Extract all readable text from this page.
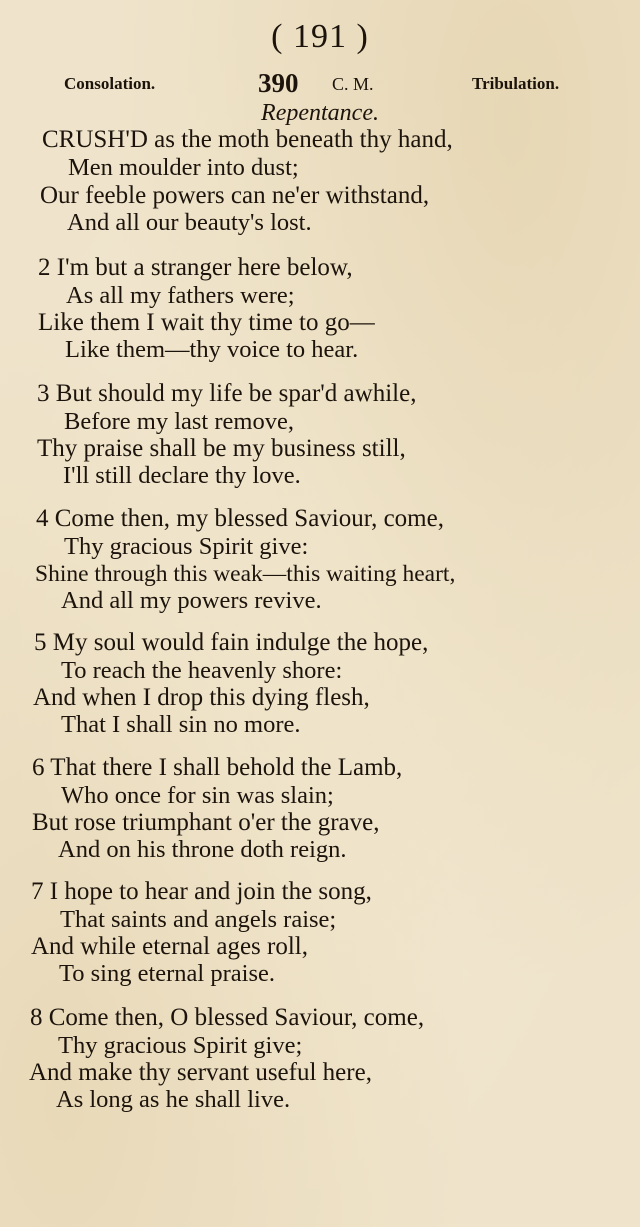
( 191 )
Consolation.	390 C. M.	Tribulation.
Repentance.
CRUSH'D as the moth beneath thy hand,
Men moulder into dust;
Our feeble powers can ne'er withstand,
And all our beauty's lost.
2 I'm but a stranger here below,
As all my fathers were;
Like them I wait thy time to go—
Like them—thy voice to hear.
3 But should my life be spar'd awhile,
Before my last remove,
Thy praise shall be my business still,
I'll still declare thy love.
4 Come then, my blessed Saviour, come,
Thy gracious Spirit give:
Shine through this weak—this waiting heart,
And all my powers revive.
5 My soul would fain indulge the hope,
To reach the heavenly shore:
And when I drop this dying flesh,
That I shall sin no more.
6 That there I shall behold the Lamb,
Who once for sin was slain;
But rose triumphant o'er the grave,
And on his throne doth reign.
7 I hope to hear and join the song,
That saints and angels raise;
And while eternal ages roll,
To sing eternal praise.
8 Come then, O blessed Saviour, come,
Thy gracious Spirit give;
And make thy servant useful here,
As long as he shall live.
